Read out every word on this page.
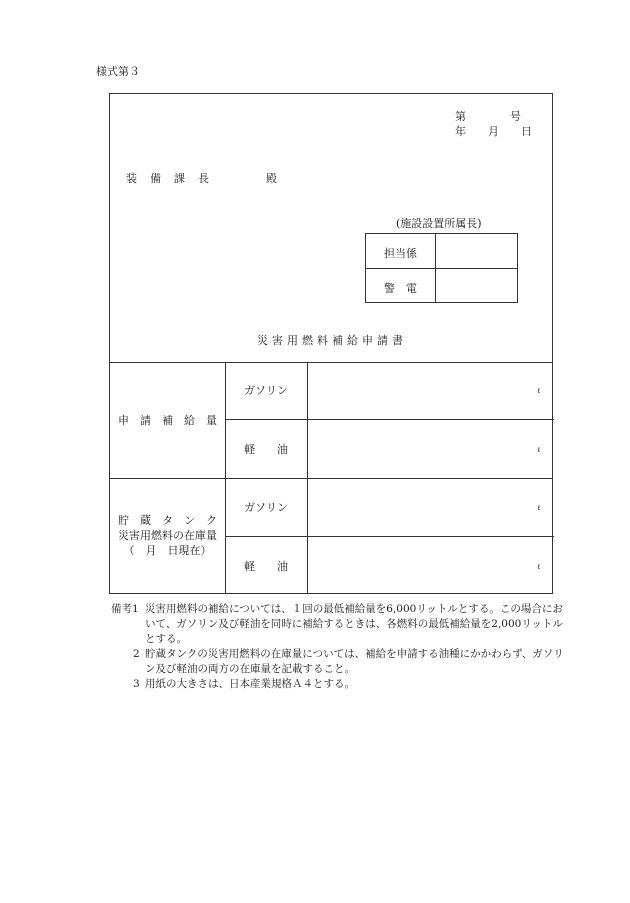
様式第３
第　　　　号
年　　月　　日
装　備　課　長	殿
(施設設置所属長)
災害用燃料補給申請書
申　請　補　給　量
ガソリン
軽　　油
ℓ
ℓ
貯　蔵　タ　ン　ク
災害用燃料の在庫量
（　月　日現在）
ガソリン
軽　　油
ℓ
ℓ
担当係
警　電
備考1 災害用燃料の補給については、１回の最低補給量を6,000リットルとする。この場合において、ガソリン及び軽油を同時に補給するときは、各燃料の最低補給量を2,000リットルとする。
2 貯蔵タンクの災害用燃料の在庫量については、補給を申請する油種にかかわらず、ガソリン及び軽油の両方の在庫量を記載すること。
3 用紙の大きさは、日本産業規格Ａ４とする。
